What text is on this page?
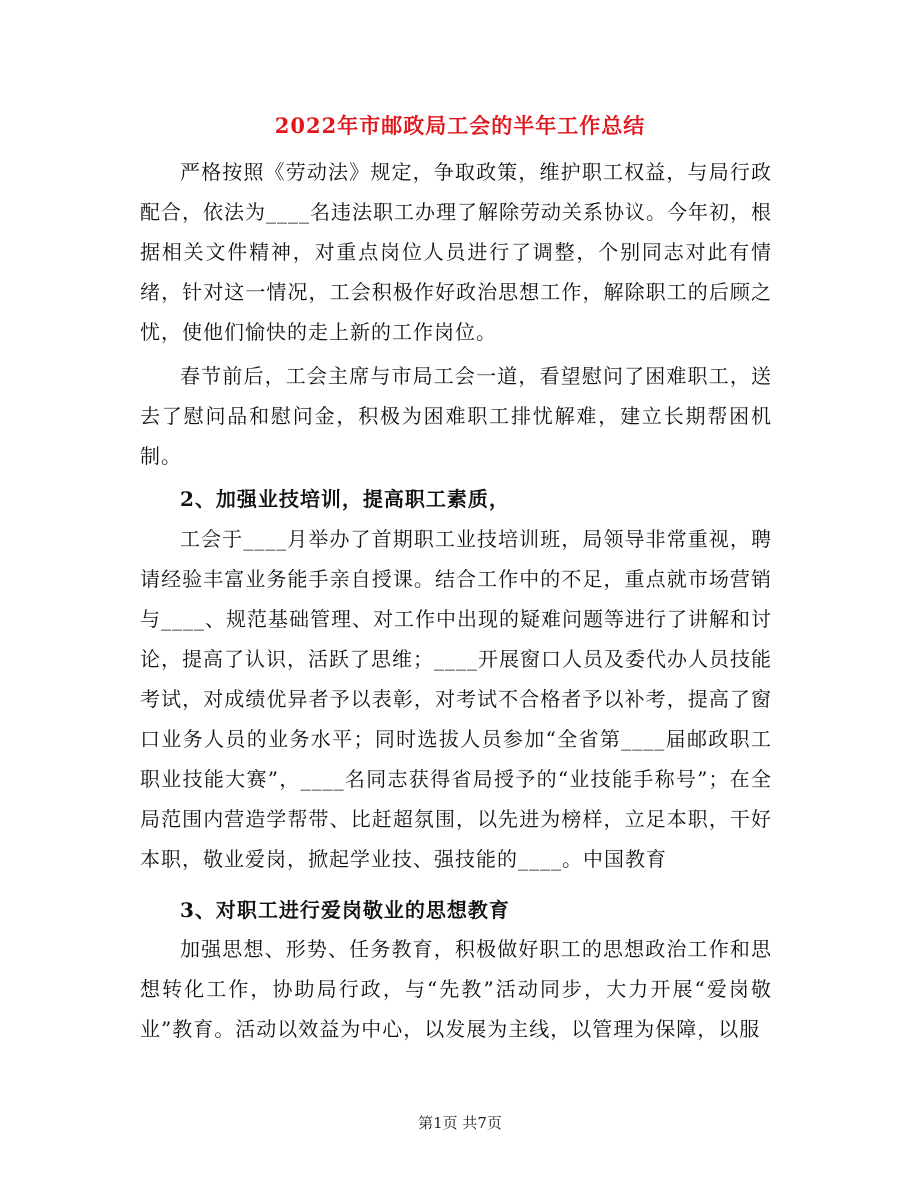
2022年市邮政局工会的半年工作总结

严格按照《劳动法》规定，争取政策，维护职工权益，与局行政配合，依法为____名违法职工办理了解除劳动关系协议。今年初，根据相关文件精神，对重点岗位人员进行了调整，个别同志对此有情绪，针对这一情况，工会积极作好政治思想工作，解除职工的后顾之忧，使他们愉快的走上新的工作岗位。

春节前后，工会主席与市局工会一道，看望慰问了困难职工，送去了慰问品和慰问金，积极为困难职工排忧解难，建立长期帮困机制。

2、加强业技培训，提高职工素质，

工会于____月举办了首期职工业技培训班，局领导非常重视，聘请经验丰富业务能手亲自授课。结合工作中的不足，重点就市场营销与____、规范基础管理、对工作中出现的疑难问题等进行了讲解和讨论，提高了认识，活跃了思维；____开展窗口人员及委代办人员技能考试，对成绩优异者予以表彰，对考试不合格者予以补考，提高了窗口业务人员的业务水平；同时选拔人员参加“全省第____届邮政职工职业技能大赛”，____名同志获得省局授予的“业技能手称号”；在全局范围内营造学帮带、比赶超氛围，以先进为榜样，立足本职，干好本职，敬业爱岗，掀起学业技、强技能的____。中国教育

3、对职工进行爱岗敬业的思想教育

加强思想、形势、任务教育，积极做好职工的思想政治工作和思想转化工作，协助局行政，与“先教”活动同步，大力开展“爱岗敬业”教育。活动以效益为中心，以发展为主线，以管理为保障，以服

第1页 共7页
